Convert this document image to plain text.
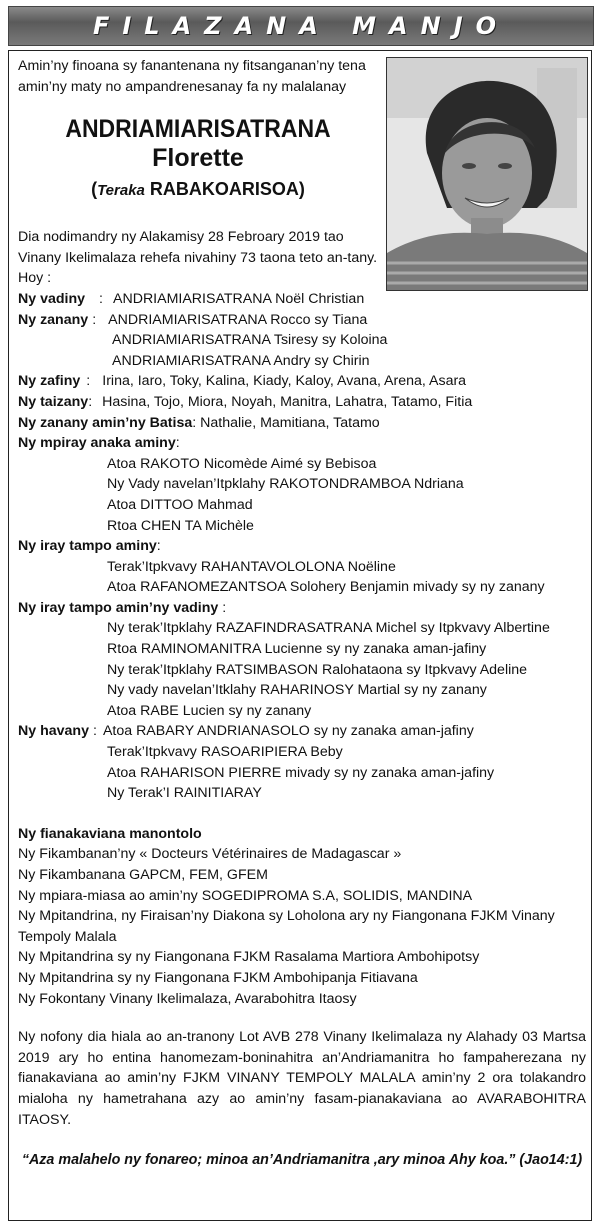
FILAZANA MANJO
Amin’ny finoana sy fanantenana ny fitsanganan’ny tena amin’ny maty no ampandrenesanay fa ny malalanay
ANDRIAMIARISATRANA
Florette
(Teraka RABAKOARISOA)
Dia nodimandry ny Alakamisy 28 Febroary 2019 tao Vinany Ikelimalaza rehefa nivahiny 73 taona teto an-tany.
Hoy :
Ny vadiny : ANDRIAMIARISATRANA Noël Christian
Ny zanany : ANDRIAMIARISATRANA Rocco sy Tiana
ANDRIAMIARISATRANA Tsiresy sy Koloina
ANDRIAMIARISATRANA Andry sy Chirin
Ny zafiny : Irina, Iaro, Toky, Kalina, Kiady, Kaloy, Avana, Arena, Asara
Ny taizany : Hasina, Tojo, Miora, Noyah, Manitra, Lahatra, Tatamo, Fitia
Ny zanany amin’ny Batisa : Nathalie, Mamitiana, Tatamo
Ny mpiray anaka aminy :
Atoa RAKOTO Nicomède Aimé sy Bebisoa
Ny Vady navelan’Itpklahy RAKOTONDRAMBOA Ndriana
Atoa DITTOO Mahmad
Rtoa CHEN TA Michèle
Ny iray tampo aminy :
Terak’Itpkvavy RAHANTAVOLOLONA Noëline
Atoa RAFANOMEZANTSOA Solohery Benjamin mivady sy ny zanany
Ny iray tampo amin’ny vadiny :
Ny terak’Itpklahy RAZAFINDRASATRANA Michel sy Itpkvavy Albertine
Rtoa RAMINOMANITRA Lucienne sy ny zanaka aman-jafiny
Ny terak’Itpklahy RATSIMBASON Ralohataona sy Itpkvavy Adeline
Ny vady navelan’Itklahy RAHARINOSY Martial sy ny zanany
Atoa RABE Lucien sy ny zanany
Ny havany : Atoa RABARY ANDRIANASOLO sy ny zanaka aman-jafiny
Terak’Itpkvavy RASOARIPIERA Beby
Atoa RAHARISON PIERRE mivady sy ny zanaka aman-jafiny
Ny Terak’I RAINITIARAY
Ny fianakaviana manontolo
Ny Fikambanan’ny « Docteurs Vétérinaires de Madagascar »
Ny Fikambanana GAPCM, FEM, GFEM
Ny mpiara-miasa ao amin’ny SOGEDIPROMA S.A, SOLIDIS, MANDINA
Ny Mpitandrina, ny Firaisan’ny Diakona sy Loholona ary ny Fiangonana FJKM Vinany Tempoly Malala
Ny Mpitandrina sy ny Fiangonana FJKM Rasalama Martiora Ambohipotsy
Ny Mpitandrina sy ny Fiangonana FJKM Ambohipanja Fitiavana
Ny Fokontany Vinany Ikelimalaza, Avarabohitra Itaosy
Ny nofony dia hiala ao an-tranony Lot AVB 278 Vinany Ikelimalaza ny Alahady 03 Martsa 2019 ary ho entina hanomezam-boninahitra an’Andriamanitra ho fampaherezana ny fianakaviana ao amin’ny FJKM VINANY TEMPOLY MALALA amin’ny 2 ora tolakandro mialoha ny hametrahana azy ao amin’ny fasam-pianakaviana ao AVARABOHITRA ITAOSY.
“Aza malahelo ny fonareo; minoa an’Andriamanitra ,ary minoa Ahy koa.” (Jao14:1)
